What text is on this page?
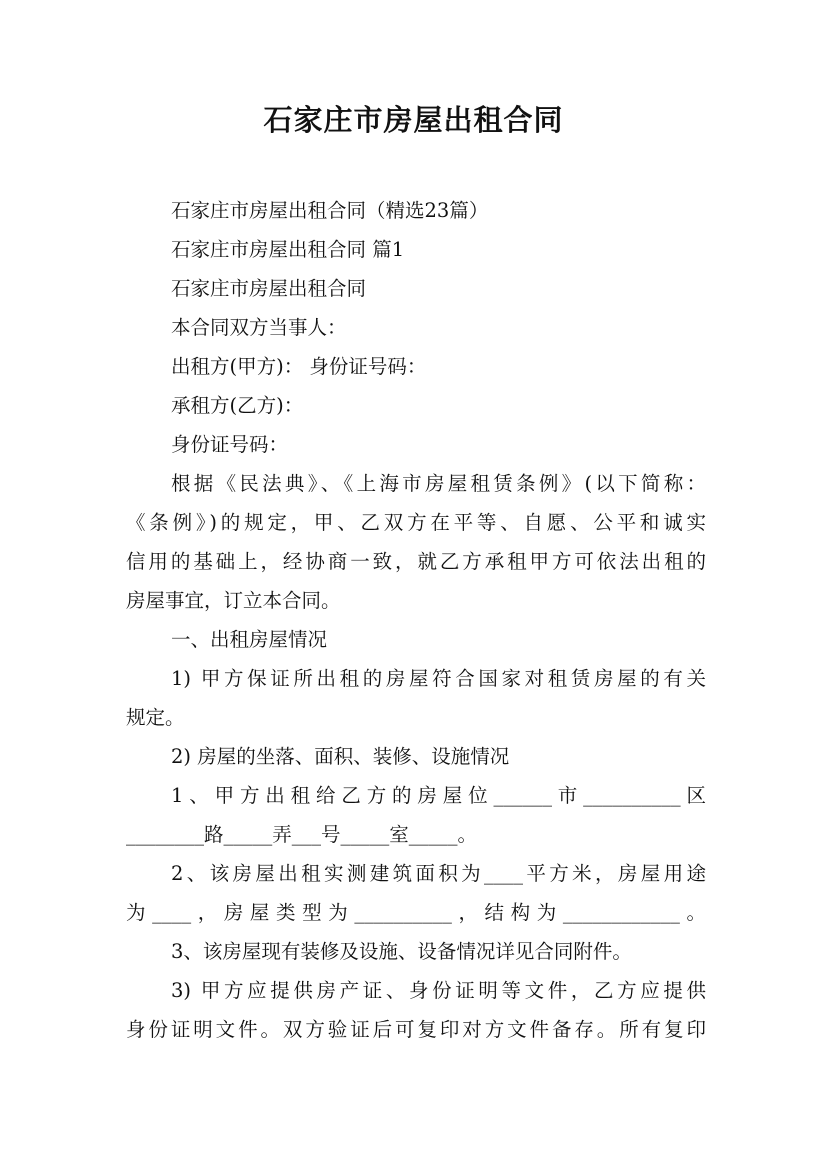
石家庄市房屋出租合同

石家庄市房屋出租合同（精选23篇）

石家庄市房屋出租合同 篇1

石家庄市房屋出租合同

本合同双方当事人：

出租方(甲方)： 身份证号码：

承租方(乙方)：

身份证号码：

根据《民法典》、《上海市房屋租赁条例》(以下简称：

《条例》)的规定，甲、乙双方在平等、自愿、公平和诚实

信用的基础上，经协商一致，就乙方承租甲方可依法出租的

房屋事宜，订立本合同。

一、出租房屋情况

1) 甲方保证所出租的房屋符合国家对租赁房屋的有关

规定。

2) 房屋的坐落、面积、装修、设施情况

1、甲方出租给乙方的房屋位______市__________区

________路_____弄___号_____室_____。

2、该房屋出租实测建筑面积为____平方米，房屋用途

为____，房屋类型为__________，结构为____________。

3、该房屋现有装修及设施、设备情况详见合同附件。

3) 甲方应提供房产证、身份证明等文件，乙方应提供

身份证明文件。双方验证后可复印对方文件备存。所有复印
